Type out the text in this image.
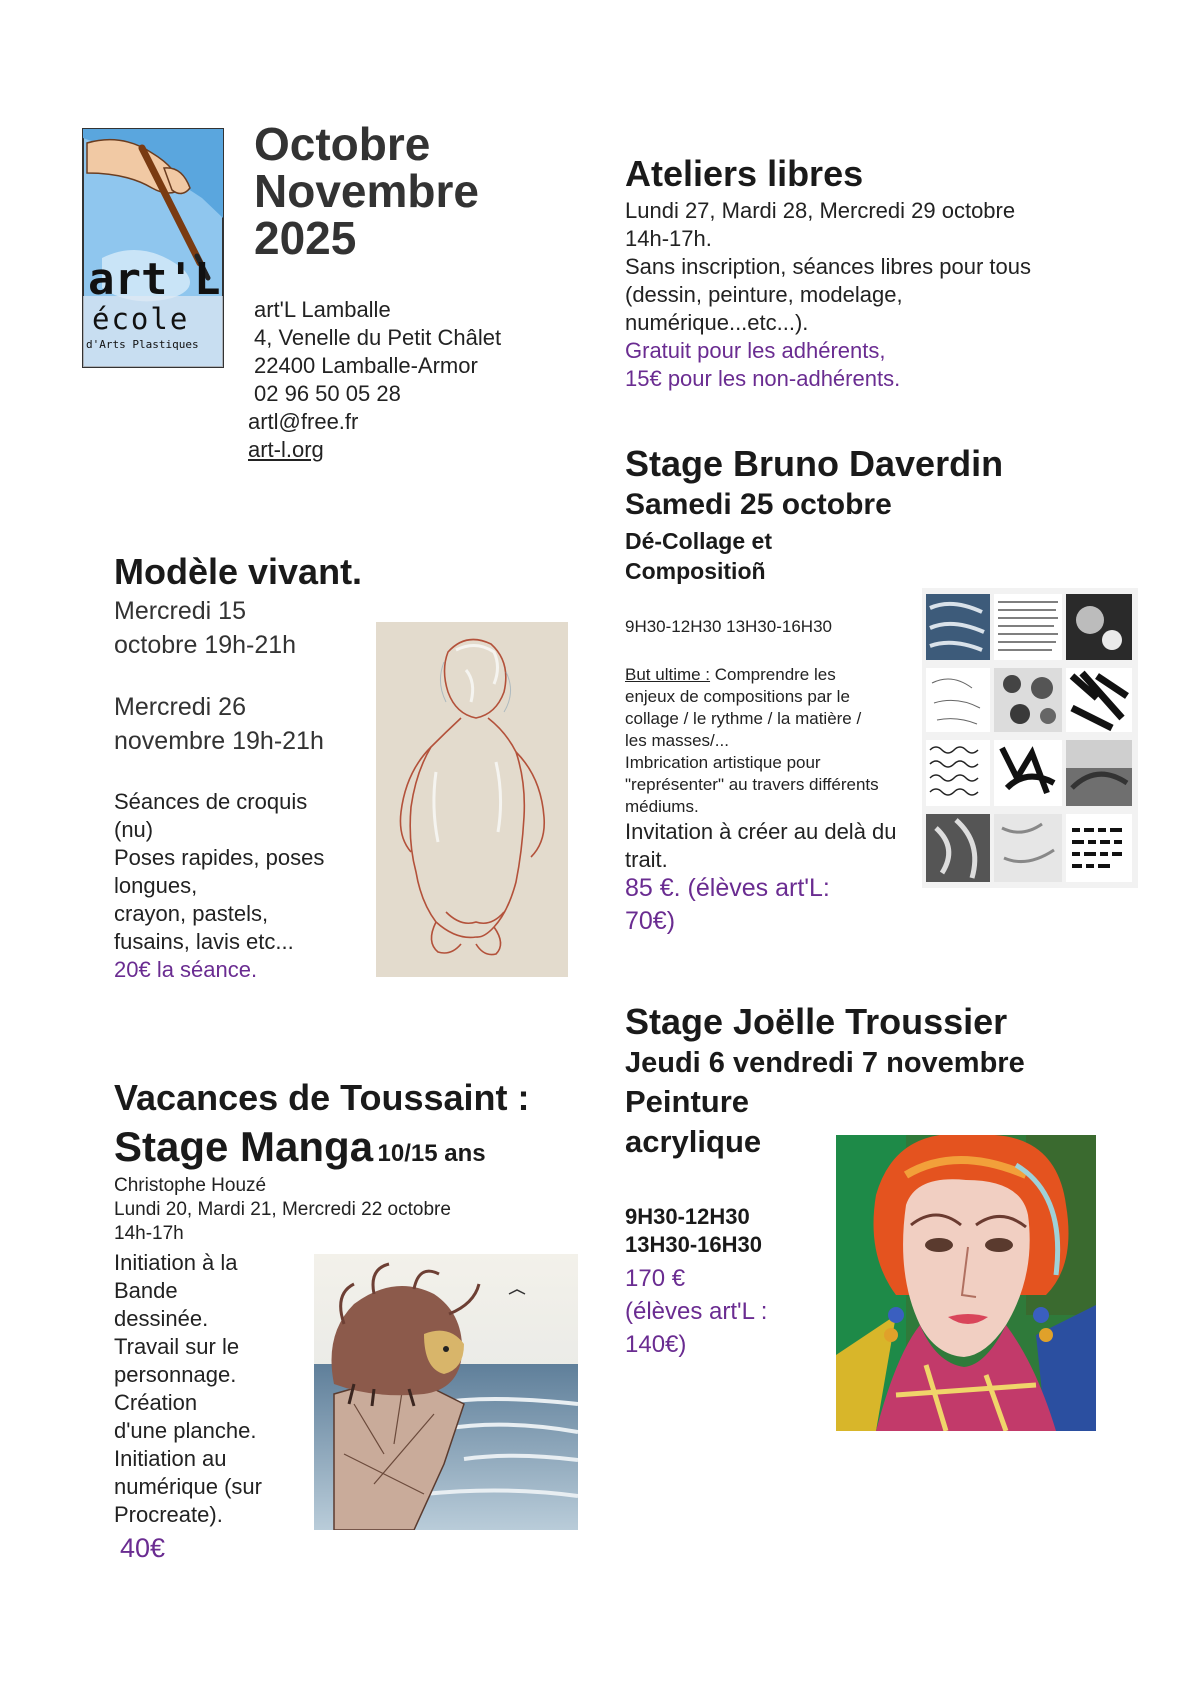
art'L
école
d'Arts Plastiques
Octobre
Novembre
2025
art'L Lamballe
4, Venelle du Petit Châlet
22400 Lamballe-Armor
02 96 50 05 28
artl@free.fr
art-l.org
Ateliers libres
Lundi 27, Mardi 28, Mercredi 29 octobre
14h-17h.
Sans inscription, séances libres pour tous
(dessin, peinture, modelage,
numérique...etc...).
Gratuit pour les adhérents,
15€ pour les non-adhérents.
Modèle vivant.
Mercredi 15
octobre 19h-21h
Mercredi 26
novembre 19h-21h
Séances de croquis
(nu)
Poses rapides, poses
longues,
crayon, pastels,
fusains, lavis etc...
20€ la séance.
Stage Bruno Daverdin
Samedi 25 octobre
Dé-Collage et
Compositioñ
9H30-12H30 13H30-16H30
But ultime : Comprendre les
enjeux de compositions par le
collage / le rythme / la matière /
les masses/...
Imbrication artistique pour
"représenter" au travers différents
médiums.
Invitation à créer au delà du
trait.
85 €. (élèves art'L:
70€)
Vacances de Toussaint :
Stage Manga 10/15 ans
Christophe Houzé
Lundi 20, Mardi 21, Mercredi 22 octobre
14h-17h
Initiation à la
Bande
dessinée.
Travail sur le
personnage.
Création
d'une planche.
Initiation au
numérique (sur
Procreate).
40€
Stage Joëlle Troussier
Jeudi 6 vendredi 7 novembre
Peinture
acrylique
9H30-12H30
13H30-16H30
170 €
(élèves art'L :
140€)
